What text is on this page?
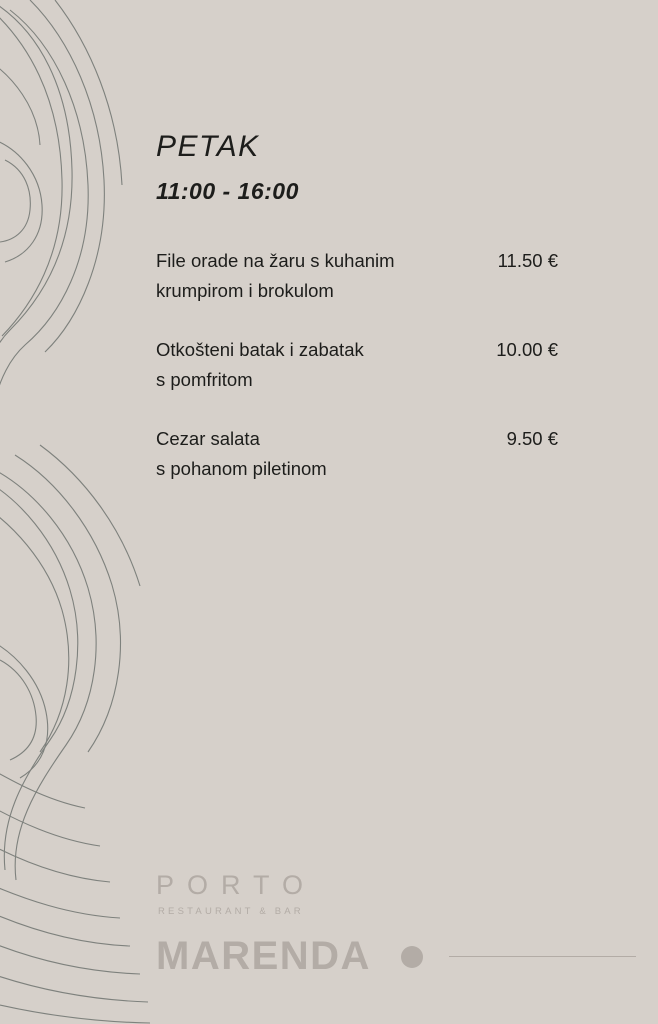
PETAK
11:00 - 16:00
File orade na žaru s kuhanim
krumpirom i brokulom
11.50 €
Otkošteni batak i zabatak
s pomfritom
10.00 €
Cezar salata
s pohanom piletinom
9.50 €
PORTO
RESTAURANT & BAR
MARENDA
